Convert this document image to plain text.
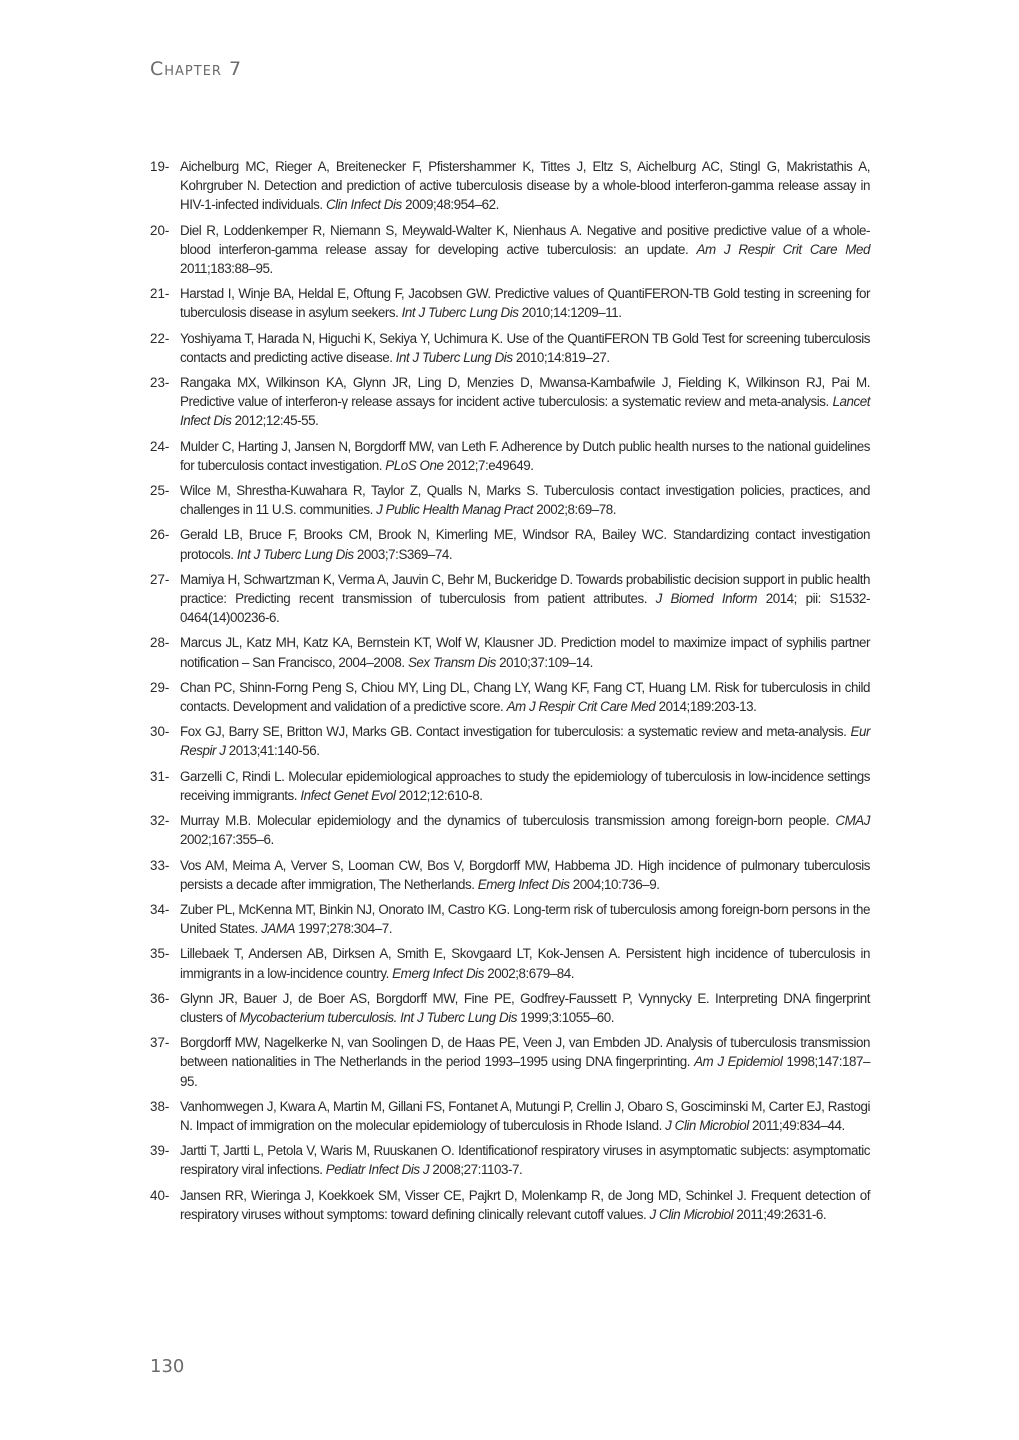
Chapter 7
19- Aichelburg MC, Rieger A, Breitenecker F, Pfistershammer K, Tittes J, Eltz S, Aichelburg AC, Stingl G, Makristathis A, Kohrgruber N. Detection and prediction of active tuberculosis disease by a whole-blood interferon-gamma release assay in HIV-1-infected individuals. Clin Infect Dis 2009;48:954–62.
20- Diel R, Loddenkemper R, Niemann S, Meywald-Walter K, Nienhaus A. Negative and positive predictive value of a whole-blood interferon-gamma release assay for developing active tuberculosis: an update. Am J Respir Crit Care Med 2011;183:88–95.
21- Harstad I, Winje BA, Heldal E, Oftung F, Jacobsen GW. Predictive values of QuantiFERON-TB Gold testing in screening for tuberculosis disease in asylum seekers. Int J Tuberc Lung Dis 2010;14:1209–11.
22- Yoshiyama T, Harada N, Higuchi K, Sekiya Y, Uchimura K. Use of the QuantiFERON TB Gold Test for screening tuberculosis contacts and predicting active disease. Int J Tuberc Lung Dis 2010;14:819–27.
23- Rangaka MX, Wilkinson KA, Glynn JR, Ling D, Menzies D, Mwansa-Kambafwile J, Fielding K, Wilkinson RJ, Pai M. Predictive value of interferon-γ release assays for incident active tuberculosis: a systematic review and meta-analysis. Lancet Infect Dis 2012;12:45-55.
24- Mulder C, Harting J, Jansen N, Borgdorff MW, van Leth F. Adherence by Dutch public health nurses to the national guidelines for tuberculosis contact investigation. PLoS One 2012;7:e49649.
25- Wilce M, Shrestha-Kuwahara R, Taylor Z, Qualls N, Marks S. Tuberculosis contact investigation policies, practices, and challenges in 11 U.S. communities. J Public Health Manag Pract 2002;8:69–78.
26- Gerald LB, Bruce F, Brooks CM, Brook N, Kimerling ME, Windsor RA, Bailey WC. Standardizing contact investigation protocols. Int J Tuberc Lung Dis 2003;7:S369–74.
27- Mamiya H, Schwartzman K, Verma A, Jauvin C, Behr M, Buckeridge D. Towards probabilistic decision support in public health practice: Predicting recent transmission of tuberculosis from patient attributes. J Biomed Inform 2014; pii: S1532-0464(14)00236-6.
28- Marcus JL, Katz MH, Katz KA, Bernstein KT, Wolf W, Klausner JD. Prediction model to maximize impact of syphilis partner notification – San Francisco, 2004–2008. Sex Transm Dis 2010;37:109–14.
29- Chan PC, Shinn-Forng Peng S, Chiou MY, Ling DL, Chang LY, Wang KF, Fang CT, Huang LM. Risk for tuberculosis in child contacts. Development and validation of a predictive score. Am J Respir Crit Care Med 2014;189:203-13.
30- Fox GJ, Barry SE, Britton WJ, Marks GB. Contact investigation for tuberculosis: a systematic review and meta-analysis. Eur Respir J 2013;41:140-56.
31- Garzelli C, Rindi L. Molecular epidemiological approaches to study the epidemiology of tuberculosis in low-incidence settings receiving immigrants. Infect Genet Evol 2012;12:610-8.
32- Murray M.B. Molecular epidemiology and the dynamics of tuberculosis transmission among foreign-born people. CMAJ 2002;167:355–6.
33- Vos AM, Meima A, Verver S, Looman CW, Bos V, Borgdorff MW, Habbema JD. High incidence of pulmonary tuberculosis persists a decade after immigration, The Netherlands. Emerg Infect Dis 2004;10:736–9.
34- Zuber PL, McKenna MT, Binkin NJ, Onorato IM, Castro KG. Long-term risk of tuberculosis among foreign-born persons in the United States. JAMA 1997;278:304–7.
35- Lillebaek T, Andersen AB, Dirksen A, Smith E, Skovgaard LT, Kok-Jensen A. Persistent high incidence of tuberculosis in immigrants in a low-incidence country. Emerg Infect Dis 2002;8:679–84.
36- Glynn JR, Bauer J, de Boer AS, Borgdorff MW, Fine PE, Godfrey-Faussett P, Vynnycky E. Interpreting DNA fingerprint clusters of Mycobacterium tuberculosis. Int J Tuberc Lung Dis 1999;3:1055–60.
37- Borgdorff MW, Nagelkerke N, van Soolingen D, de Haas PE, Veen J, van Embden JD. Analysis of tuberculosis transmission between nationalities in The Netherlands in the period 1993–1995 using DNA fingerprinting. Am J Epidemiol 1998;147:187–95.
38- Vanhomwegen J, Kwara A, Martin M, Gillani FS, Fontanet A, Mutungi P, Crellin J, Obaro S, Gosciminski M, Carter EJ, Rastogi N. Impact of immigration on the molecular epidemiology of tuberculosis in Rhode Island. J Clin Microbiol 2011;49:834–44.
39- Jartti T, Jartti L, Petola V, Waris M, Ruuskanen O. Identificationof respiratory viruses in asymptomatic subjects: asymptomatic respiratory viral infections. Pediatr Infect Dis J 2008;27:1103-7.
40- Jansen RR, Wieringa J, Koekkoek SM, Visser CE, Pajkrt D, Molenkamp R, de Jong MD, Schinkel J. Frequent detection of respiratory viruses without symptoms: toward defining clinically relevant cutoff values. J Clin Microbiol 2011;49:2631-6.
130
